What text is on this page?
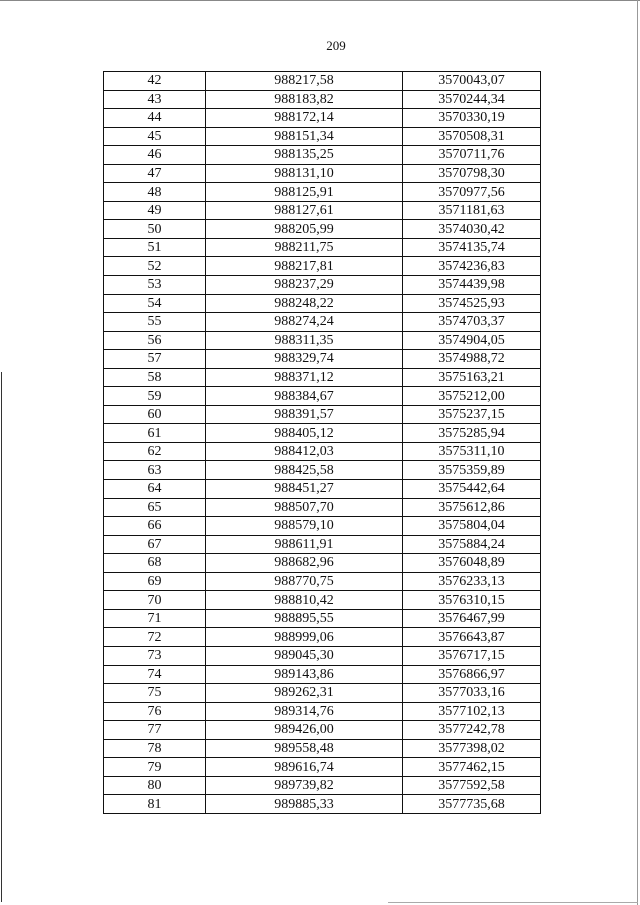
209
42	988217,58	3570043,07
43	988183,82	3570244,34
44	988172,14	3570330,19
45	988151,34	3570508,31
46	988135,25	3570711,76
47	988131,10	3570798,30
48	988125,91	3570977,56
49	988127,61	3571181,63
50	988205,99	3574030,42
51	988211,75	3574135,74
52	988217,81	3574236,83
53	988237,29	3574439,98
54	988248,22	3574525,93
55	988274,24	3574703,37
56	988311,35	3574904,05
57	988329,74	3574988,72
58	988371,12	3575163,21
59	988384,67	3575212,00
60	988391,57	3575237,15
61	988405,12	3575285,94
62	988412,03	3575311,10
63	988425,58	3575359,89
64	988451,27	3575442,64
65	988507,70	3575612,86
66	988579,10	3575804,04
67	988611,91	3575884,24
68	988682,96	3576048,89
69	988770,75	3576233,13
70	988810,42	3576310,15
71	988895,55	3576467,99
72	988999,06	3576643,87
73	989045,30	3576717,15
74	989143,86	3576866,97
75	989262,31	3577033,16
76	989314,76	3577102,13
77	989426,00	3577242,78
78	989558,48	3577398,02
79	989616,74	3577462,15
80	989739,82	3577592,58
81	989885,33	3577735,68
